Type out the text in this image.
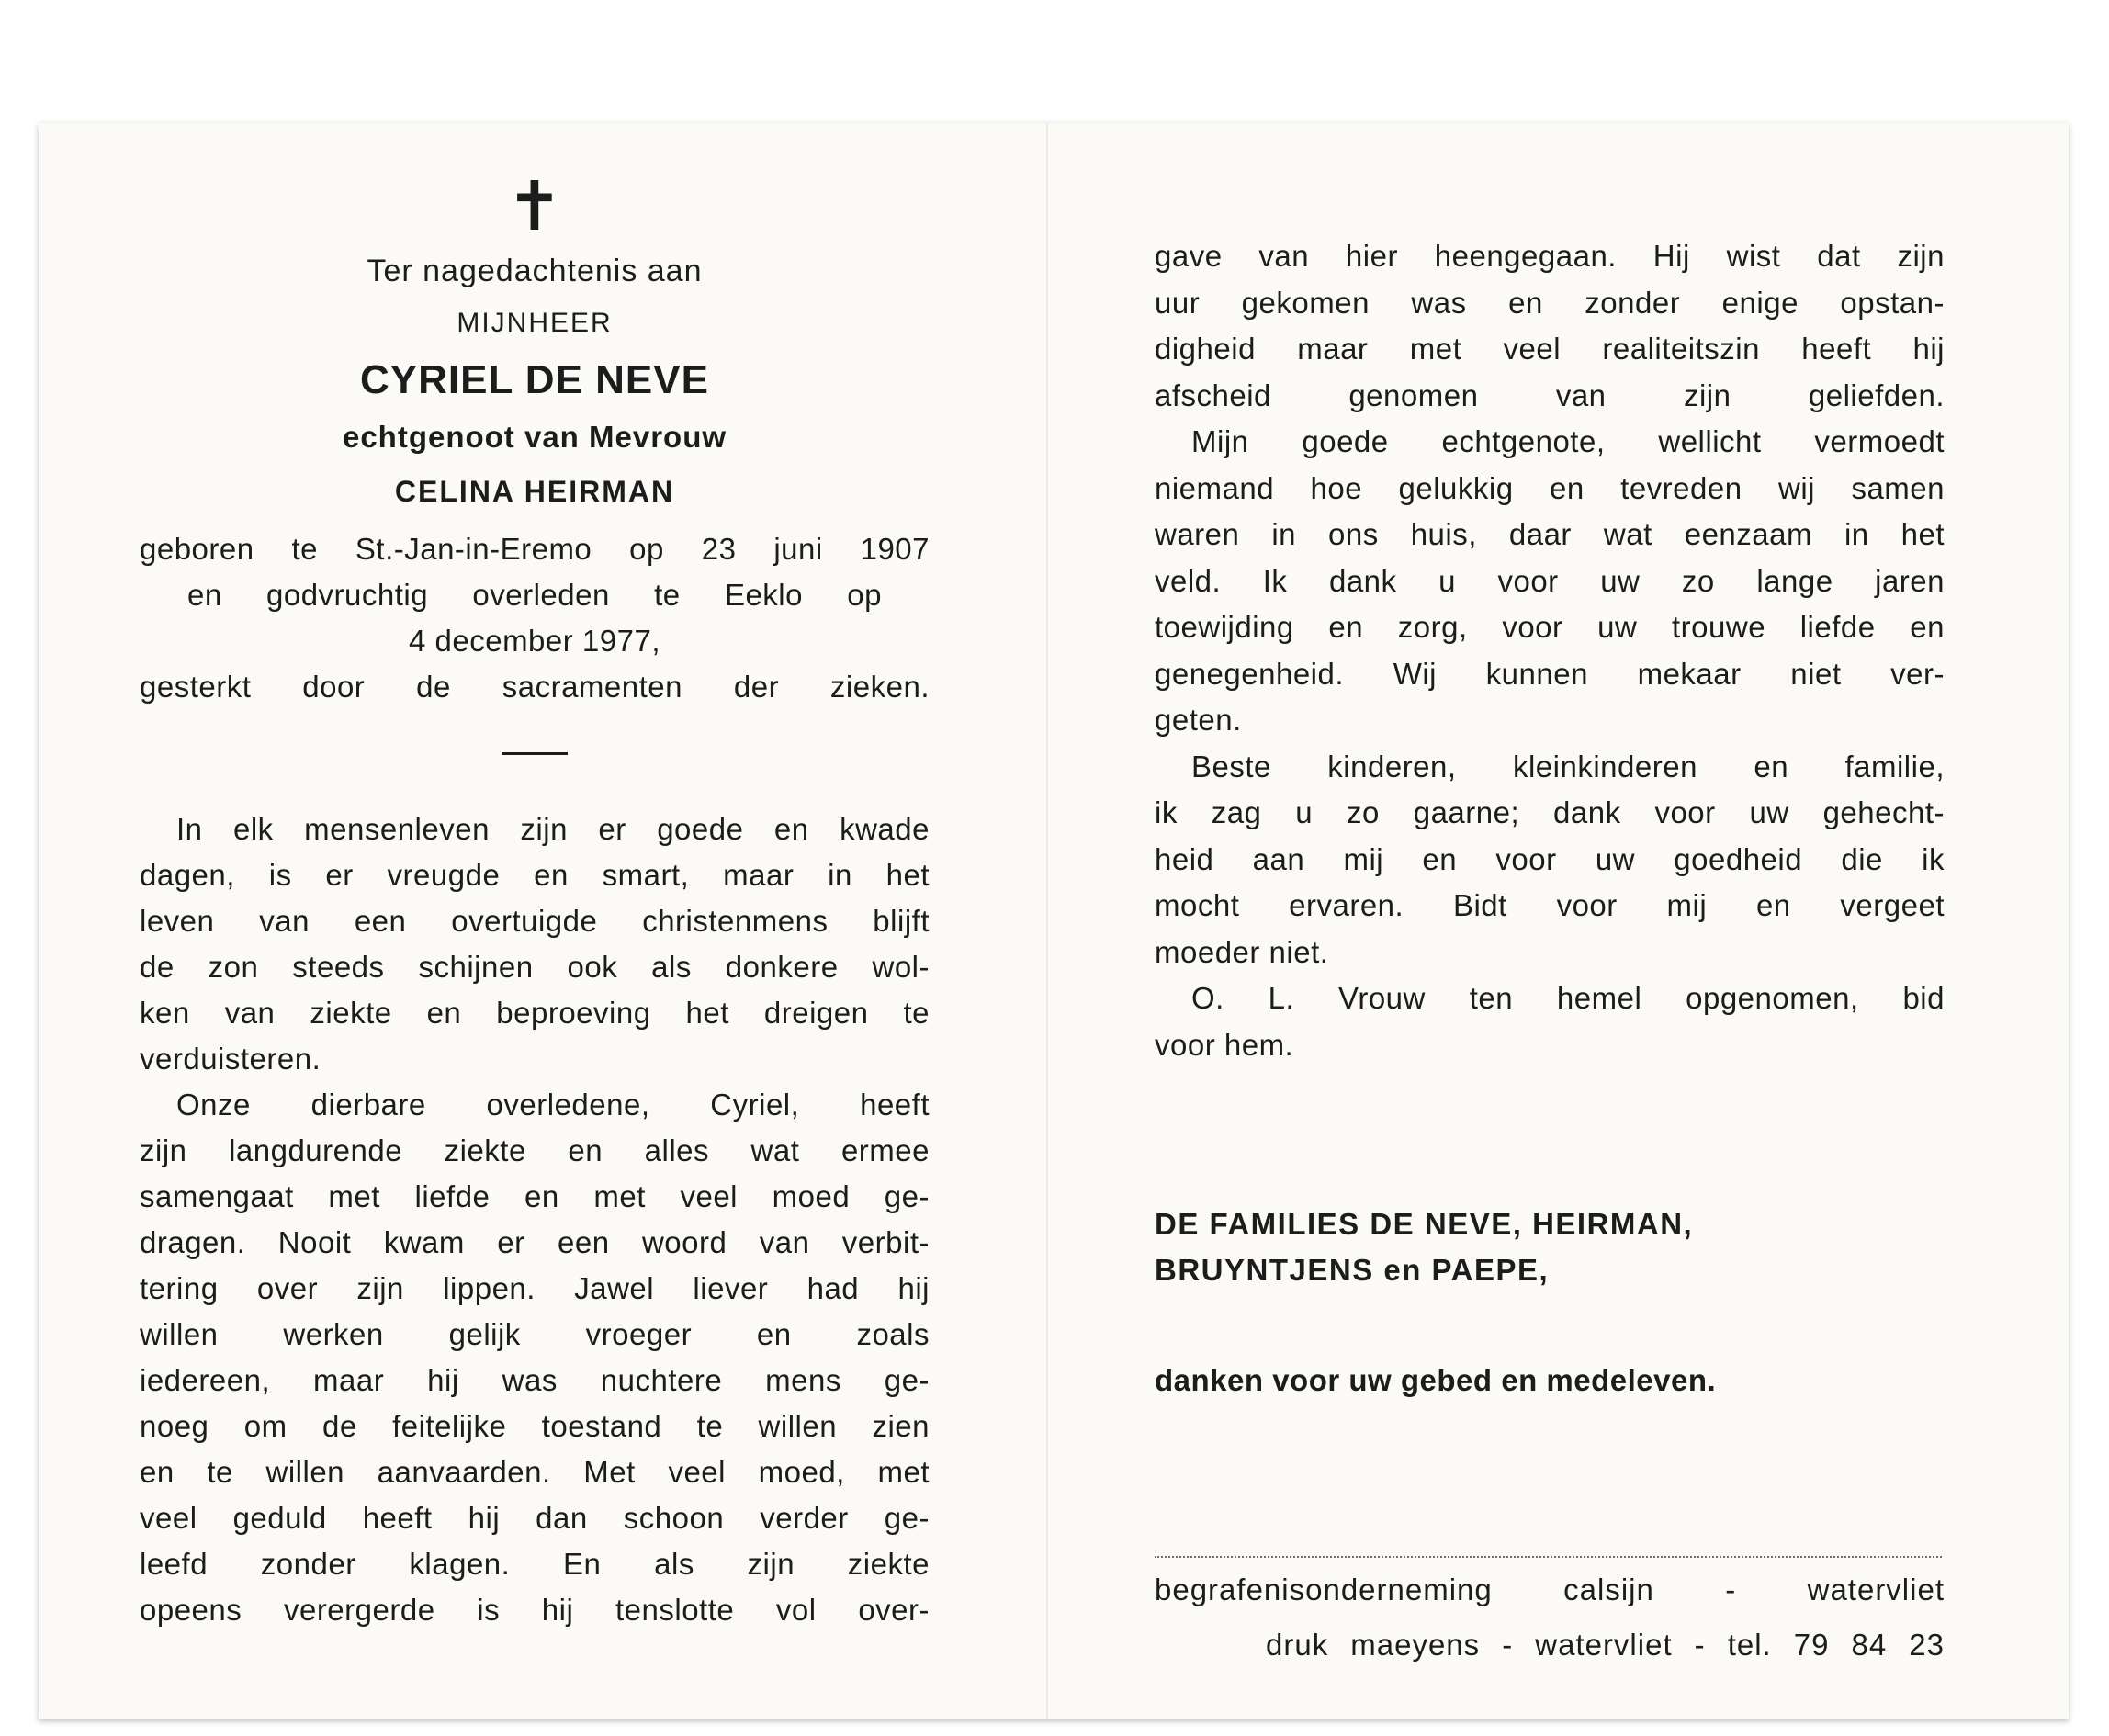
✝
Ter nagedachtenis aan
MIJNHEER
CYRIEL DE NEVE
echtgenoot van Mevrouw
CELINA HEIRMAN
geboren te St.-Jan-in-Eremo op 23 juni 1907
en godvruchtig overleden te Eeklo op
4 december 1977,
gesterkt door de sacramenten der zieken.
In elk mensenleven zijn er goede en kwade
dagen, is er vreugde en smart, maar in het
leven van een overtuigde christenmens blijft
de zon steeds schijnen ook als donkere wol-
ken van ziekte en beproeving het dreigen te
verduisteren.
Onze dierbare overledene, Cyriel, heeft
zijn langdurende ziekte en alles wat ermee
samengaat met liefde en met veel moed ge-
dragen. Nooit kwam er een woord van verbit-
tering over zijn lippen. Jawel liever had hij
willen werken gelijk vroeger en zoals
iedereen, maar hij was nuchtere mens ge-
noeg om de feitelijke toestand te willen zien
en te willen aanvaarden. Met veel moed, met
veel geduld heeft hij dan schoon verder ge-
leefd zonder klagen. En als zijn ziekte
opeens verergerde is hij tenslotte vol over-
gave van hier heengegaan. Hij wist dat zijn
uur gekomen was en zonder enige opstan-
digheid maar met veel realiteitszin heeft hij
afscheid genomen van zijn geliefden.
Mijn goede echtgenote, wellicht vermoedt
niemand hoe gelukkig en tevreden wij samen
waren in ons huis, daar wat eenzaam in het
veld. Ik dank u voor uw zo lange jaren
toewijding en zorg, voor uw trouwe liefde en
genegenheid. Wij kunnen mekaar niet ver-
geten.
Beste kinderen, kleinkinderen en familie,
ik zag u zo gaarne; dank voor uw gehecht-
heid aan mij en voor uw goedheid die ik
mocht ervaren. Bidt voor mij en vergeet
moeder niet.
O. L. Vrouw ten hemel opgenomen, bid
voor hem.
DE FAMILIES DE NEVE, HEIRMAN,
BRUYNTJENS en PAEPE,
danken voor uw gebed en medeleven.
begrafenisonderneming calsijn - watervliet
druk maeyens - watervliet - tel. 79 84 23
